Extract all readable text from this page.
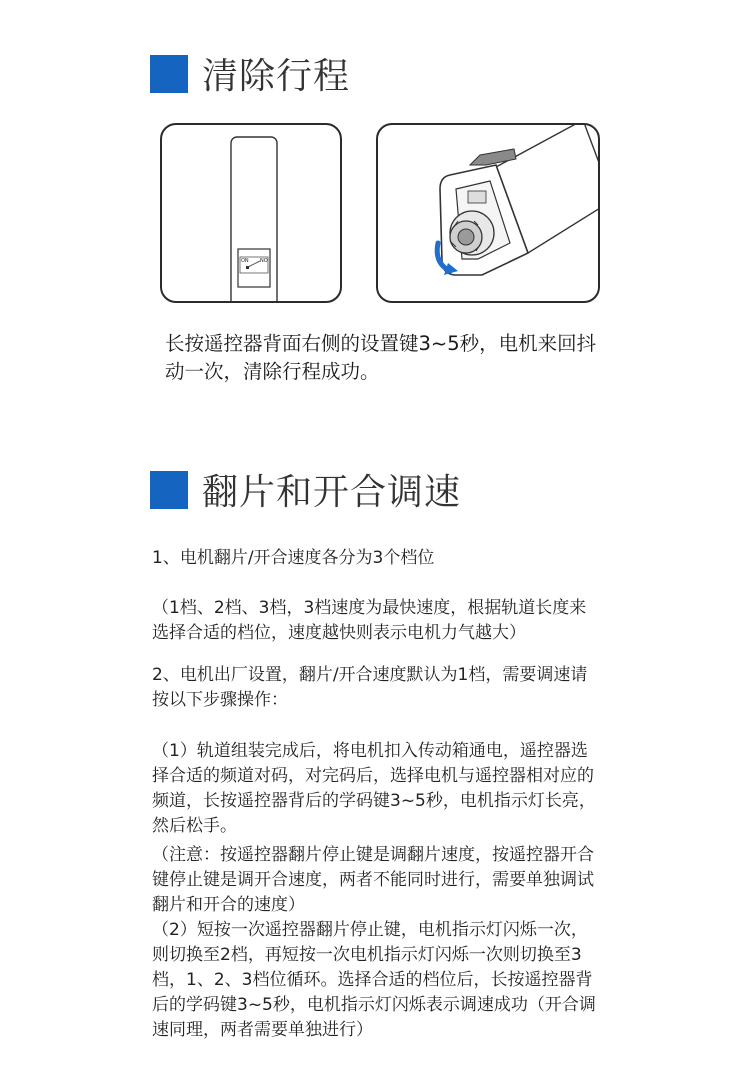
清除行程
ON NO
长按遥控器背面右侧的设置键3~5秒，电机来回抖动一次，清除行程成功。
翻片和开合调速
1、电机翻片/开合速度各分为3个档位
（1档、2档、3档，3档速度为最快速度，根据轨道长度来选择合适的档位，速度越快则表示电机力气越大）
2、电机出厂设置，翻片/开合速度默认为1档，需要调速请按以下步骤操作：
（1）轨道组装完成后，将电机扣入传动箱通电，遥控器选择合适的频道对码，对完码后，选择电机与遥控器相对应的频道，长按遥控器背后的学码键3~5秒，电机指示灯长亮，然后松手。
（注意：按遥控器翻片停止键是调翻片速度，按遥控器开合键停止键是调开合速度，两者不能同时进行，需要单独调试翻片和开合的速度）
（2）短按一次遥控器翻片停止键，电机指示灯闪烁一次，则切换至2档，再短按一次电机指示灯闪烁一次则切换至3档，1、2、3档位循环。选择合适的档位后，长按遥控器背后的学码键3~5秒，电机指示灯闪烁表示调速成功（开合调速同理，两者需要单独进行）
